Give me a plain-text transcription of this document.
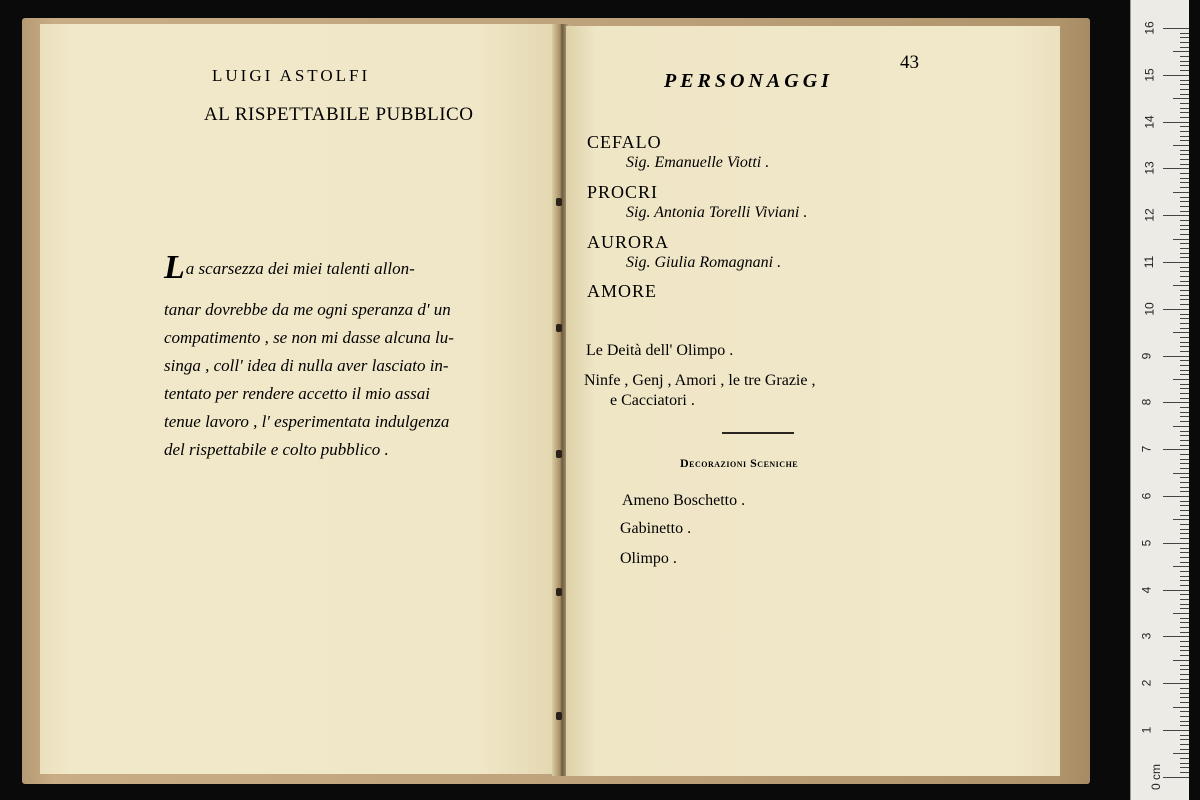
LUIGI ASTOLFI
AL RISPETTABILE PUBBLICO
La scarsezza dei miei talenti allon-
tanar dovrebbe da me ogni speranza d' un
compatimento , se non mi dasse alcuna lu-
singa , coll' idea di nulla aver lasciato in-
tentato per rendere accetto il mio assai
tenue lavoro , l' esperimentata indulgenza
del rispettabile e colto pubblico .
43
PERSONAGGI
CEFALO
Sig. Emanuelle Viotti .
PROCRI
Sig. Antonia Torelli Viviani .
AURORA
Sig. Giulia Romagnani .
AMORE
Le Deità dell' Olimpo .
Ninfe , Genj , Amori , le tre Grazie ,
e Cacciatori .
Decorazioni Sceniche
Ameno Boschetto .
Gabinetto .
Olimpo .
16
15
14
13
12
11
10
9
8
7
6
5
4
3
2
1
0 cm
